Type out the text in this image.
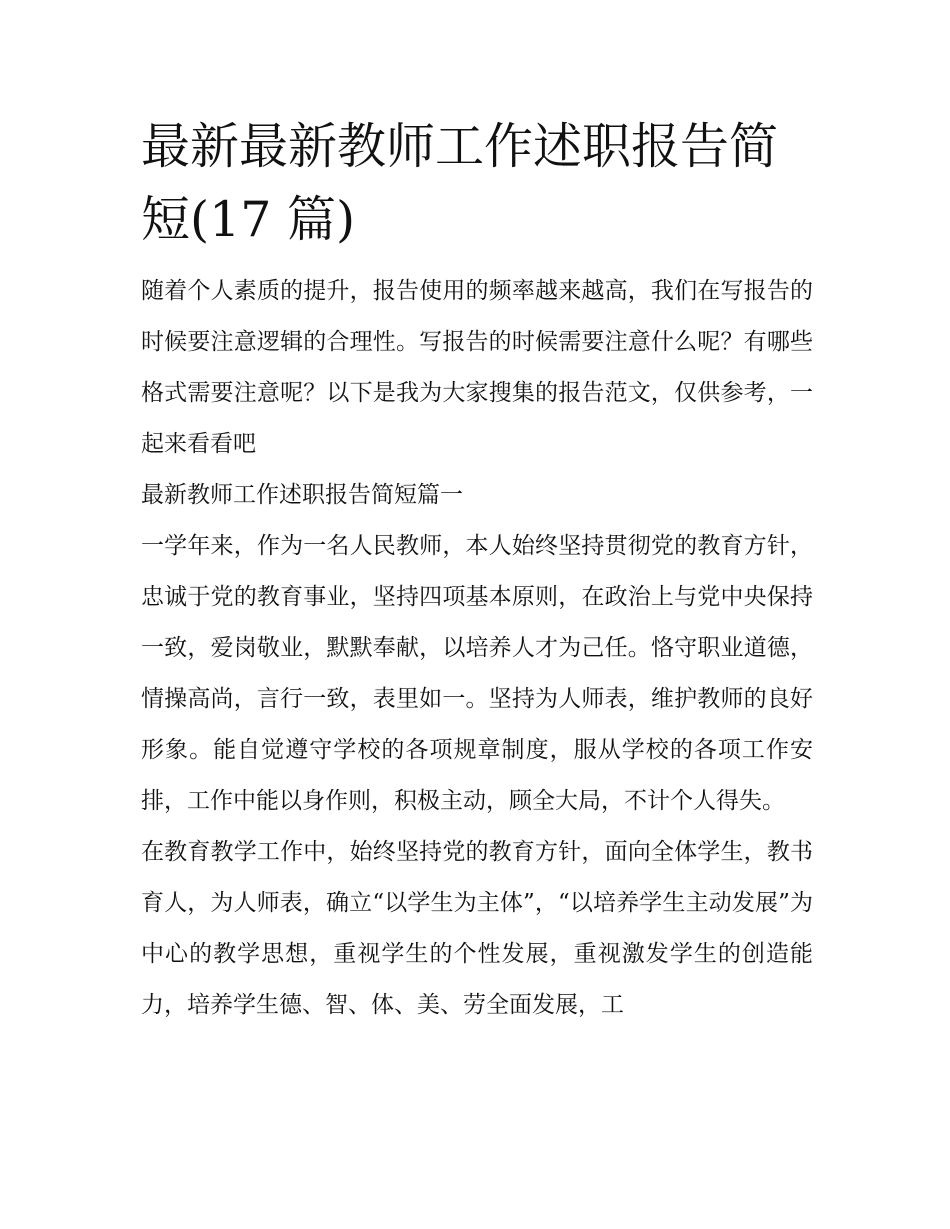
最新最新教师工作述职报告简短(17 篇)

随着个人素质的提升，报告使用的频率越来越高，我们在写报告的时候要注意逻辑的合理性。写报告的时候需要注意什么呢？有哪些格式需要注意呢？以下是我为大家搜集的报告范文，仅供参考，一起来看看吧

最新教师工作述职报告简短篇一

一学年来，作为一名人民教师，本人始终坚持贯彻党的教育方针，忠诚于党的教育事业，坚持四项基本原则，在政治上与党中央保持一致，爱岗敬业，默默奉献，以培养人才为己任。恪守职业道德，情操高尚，言行一致，表里如一。坚持为人师表，维护教师的良好形象。能自觉遵守学校的各项规章制度，服从学校的各项工作安排，工作中能以身作则，积极主动，顾全大局，不计个人得失。

在教育教学工作中，始终坚持党的教育方针，面向全体学生，教书育人，为人师表，确立“以学生为主体”，“以培养学生主动发展”为中心的教学思想，重视学生的个性发展，重视激发学生的创造能力，培养学生德、智、体、美、劳全面发展，工
